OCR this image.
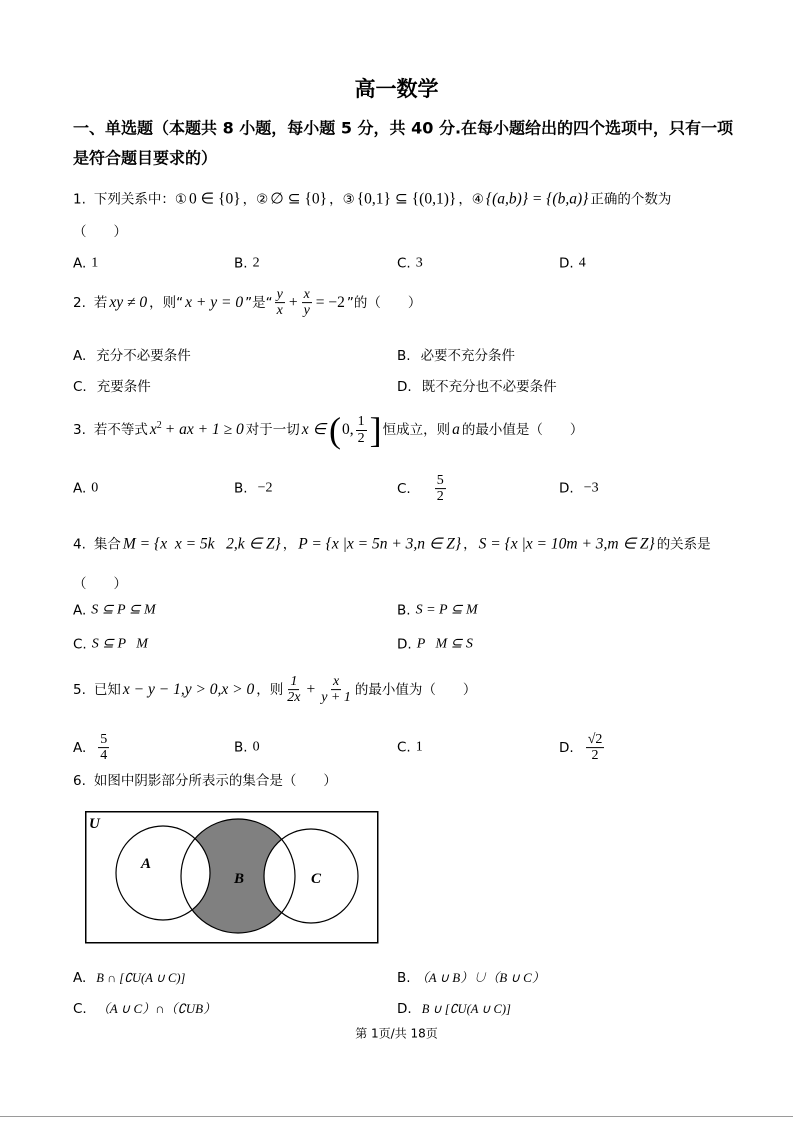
高一数学
一、单选题（本题共 8 小题，每小题 5 分，共 40 分.在每小题给出的四个选项中，只有一项
是符合题目要求的）
1. 下列关系中：① 0 ∈ {0} ，② ∅ ⊆ {0} ，③ {0,1} ⊆ {(0,1)} ，④ {(a,b)} = {(b,a)} 正确的个数为
（　　）
A. 1	B. 2	C. 3	D. 4
2. 若 xy ≠ 0 ，则“ x + y = 0 ”是“ $\frac{y}{x} + \frac{x}{y} = -2$ ”的（　　）
A. 充分不必要条件	B. 必要不充分条件
C. 充要条件	D. 既不充分也不必要条件
3. 若不等式 $x^2$ + ax + 1 ≥ 0 对于一切 x ∈ ( 0, $\frac{1}{2}$ ] 恒成立，则 a 的最小值是（　　）
A. 0	B. −2	C. $\frac{5}{2}$	D. −3
4. 集合 M = {x  x = 5k   2,k ∈ Z} ， P = {x |x = 5n + 3,n ∈ Z} ， S = {x |x = 10m + 3,m ∈ Z} 的关系是
（　　）
A. S ⊆ P ⊆ M	B. S = P ⊆ M
C. S ⊆ P   M	D. P   M ⊆ S
5. 已知 x − y − 1,y > 0,x > 0 ，则 $\frac{1}{2x} + \frac{x}{y + 1}$ 的最小值为（　　）
A. $\frac{5}{4}$	B. 0	C. 1	D. $\frac{√2}{2}$
6. 如图中阴影部分所表示的集合是（　　）
U
A
B	C
A. B ∩ [∁U(A ∪ C)]	B. （A ∪ B）∪（B ∪ C）
C. （A ∪ C）∩（∁UB）	D. B ∪ [∁U(A ∪ C)]
第 1页/共 18页
